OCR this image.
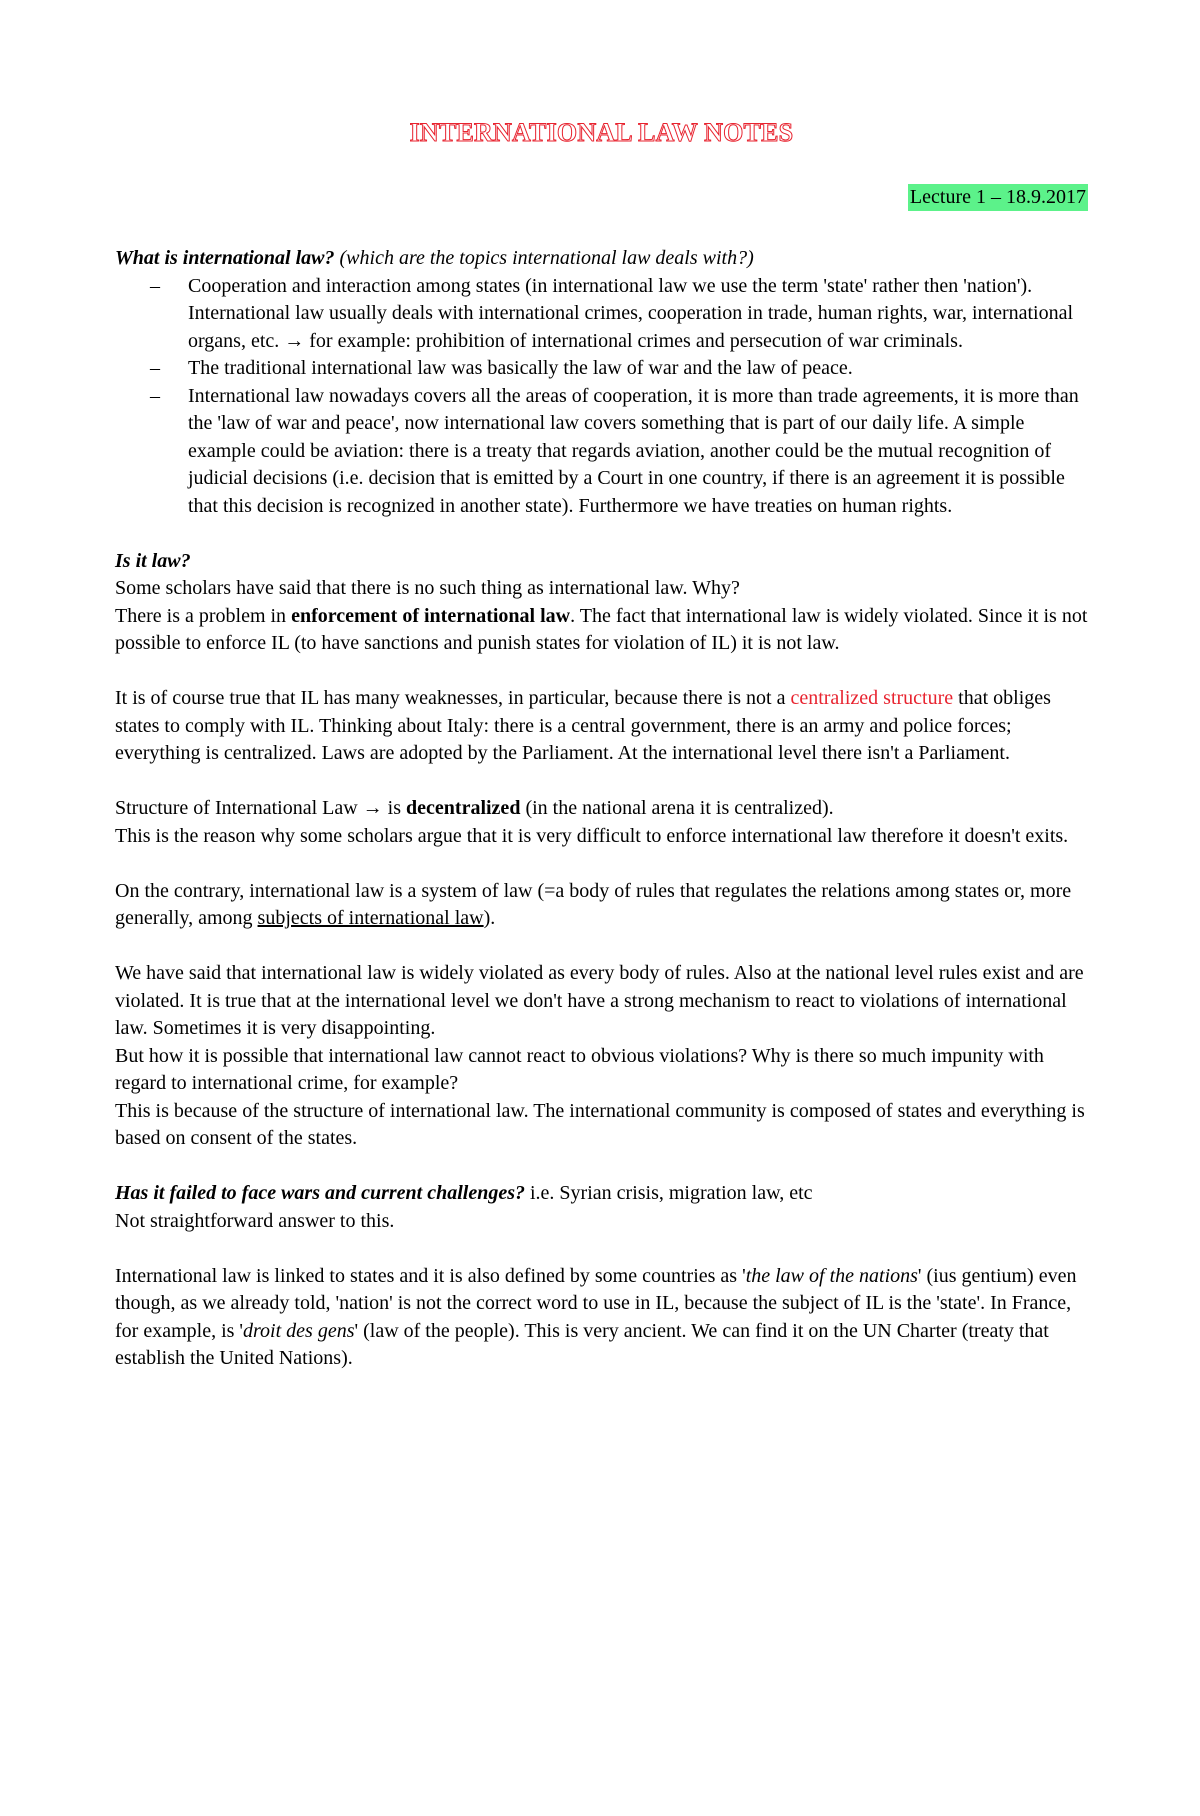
INTERNATIONAL LAW NOTES
Lecture 1 – 18.9.2017

What is international law? (which are the topics international law deals with?)

– Cooperation and interaction among states (in international law we use the term 'state' rather then 'nation'). International law usually deals with international crimes, cooperation in trade, human rights, war, international organs, etc. → for example: prohibition of international crimes and persecution of war criminals.
– The traditional international law was basically the law of war and the law of peace.
– International law nowadays covers all the areas of cooperation, it is more than trade agreements, it is more than the 'law of war and peace', now international law covers something that is part of our daily life. A simple example could be aviation: there is a treaty that regards aviation, another could be the mutual recognition of judicial decisions (i.e. decision that is emitted by a Court in one country, if there is an agreement it is possible that this decision is recognized in another state). Furthermore we have treaties on human rights.

Is it law?

Some scholars have said that there is no such thing as international law. Why?

There is a problem in enforcement of international law. The fact that international law is widely violated. Since it is not possible to enforce IL (to have sanctions and punish states for violation of IL) it is not law.

It is of course true that IL has many weaknesses, in particular, because there is not a centralized structure that obliges states to comply with IL. Thinking about Italy: there is a central government, there is an army and police forces; everything is centralized. Laws are adopted by the Parliament. At the international level there isn't a Parliament.

Structure of International Law → is decentralized (in the national arena it is centralized).

This is the reason why some scholars argue that it is very difficult to enforce international law therefore it doesn't exits.

On the contrary, international law is a system of law (=a body of rules that regulates the relations among states or, more generally, among subjects of international law).

We have said that international law is widely violated as every body of rules. Also at the national level rules exist and are violated. It is true that at the international level we don't have a strong mechanism to react to violations of international law. Sometimes it is very disappointing.

But how it is possible that international law cannot react to obvious violations? Why is there so much impunity with regard to international crime, for example?

This is because of the structure of international law. The international community is composed of states and everything is based on consent of the states.

Has it failed to face wars and current challenges? i.e. Syrian crisis, migration law, etc

Not straightforward answer to this.

International law is linked to states and it is also defined by some countries as 'the law of the nations' (ius gentium) even though, as we already told, 'nation' is not the correct word to use in IL, because the subject of IL is the 'state'. In France, for example, is 'droit des gens' (law of the people). This is very ancient. We can find it on the UN Charter (treaty that establish the United Nations).
